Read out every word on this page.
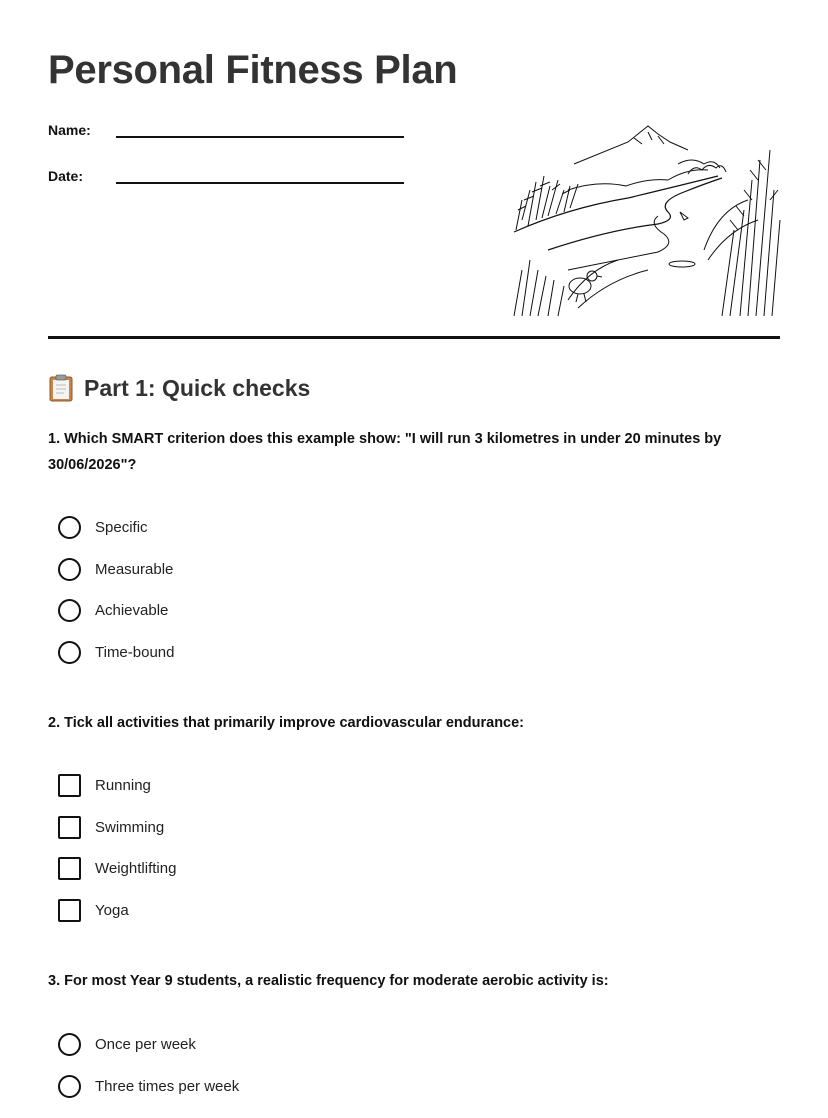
Personal Fitness Plan
Name:
Date:
Part 1: Quick checks
1. Which SMART criterion does this example show: "I will run 3 kilometres in under 20 minutes by 30/06/2026"?
Specific
Measurable
Achievable
Time-bound
2. Tick all activities that primarily improve cardiovascular endurance:
Running
Swimming
Weightlifting
Yoga
3. For most Year 9 students, a realistic frequency for moderate aerobic activity is:
Once per week
Three times per week
